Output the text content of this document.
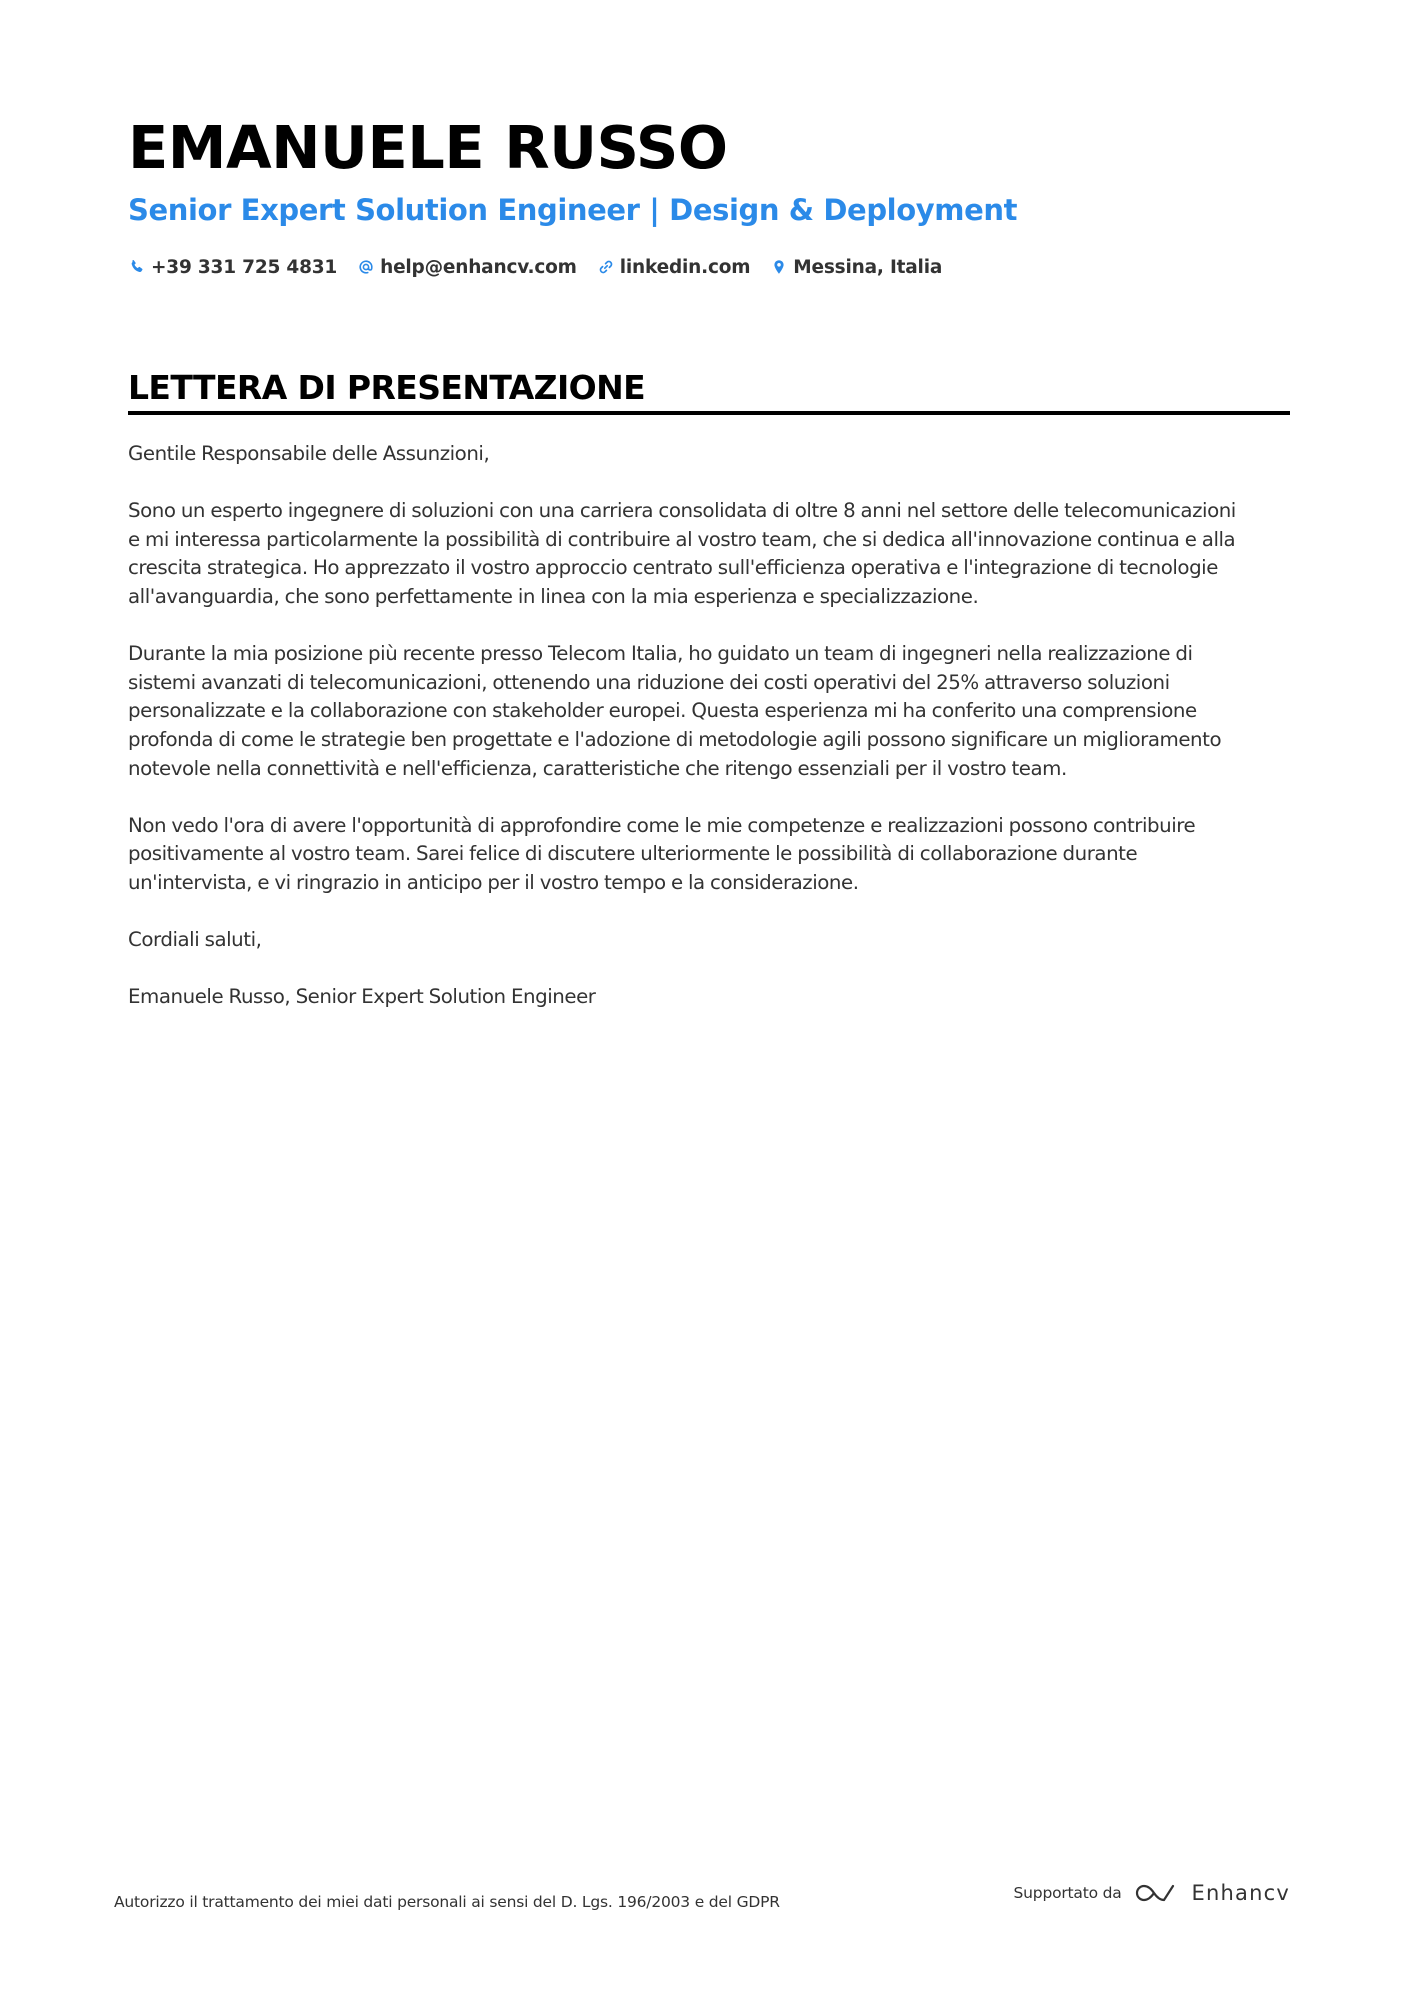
EMANUELE RUSSO
Senior Expert Solution Engineer | Design & Deployment
+39 331 725 4831 help@enhancv.com linkedin.com Messina, Italia
LETTERA DI PRESENTAZIONE

Gentile Responsabile delle Assunzioni,

Sono un esperto ingegnere di soluzioni con una carriera consolidata di oltre 8 anni nel settore delle telecomunicazioni
e mi interessa particolarmente la possibilità di contribuire al vostro team, che si dedica all'innovazione continua e alla
crescita strategica. Ho apprezzato il vostro approccio centrato sull'efficienza operativa e l'integrazione di tecnologie
all'avanguardia, che sono perfettamente in linea con la mia esperienza e specializzazione.

Durante la mia posizione più recente presso Telecom Italia, ho guidato un team di ingegneri nella realizzazione di
sistemi avanzati di telecomunicazioni, ottenendo una riduzione dei costi operativi del 25% attraverso soluzioni
personalizzate e la collaborazione con stakeholder europei. Questa esperienza mi ha conferito una comprensione
profonda di come le strategie ben progettate e l'adozione di metodologie agili possono significare un miglioramento
notevole nella connettività e nell'efficienza, caratteristiche che ritengo essenziali per il vostro team.

Non vedo l'ora di avere l'opportunità di approfondire come le mie competenze e realizzazioni possono contribuire
positivamente al vostro team. Sarei felice di discutere ulteriormente le possibilità di collaborazione durante
un'intervista, e vi ringrazio in anticipo per il vostro tempo e la considerazione.

Cordiali saluti,

Emanuele Russo, Senior Expert Solution Engineer

Autorizzo il trattamento dei miei dati personali ai sensi del D. Lgs. 196/2003 e del GDPR	Supportato da	Enhancv
